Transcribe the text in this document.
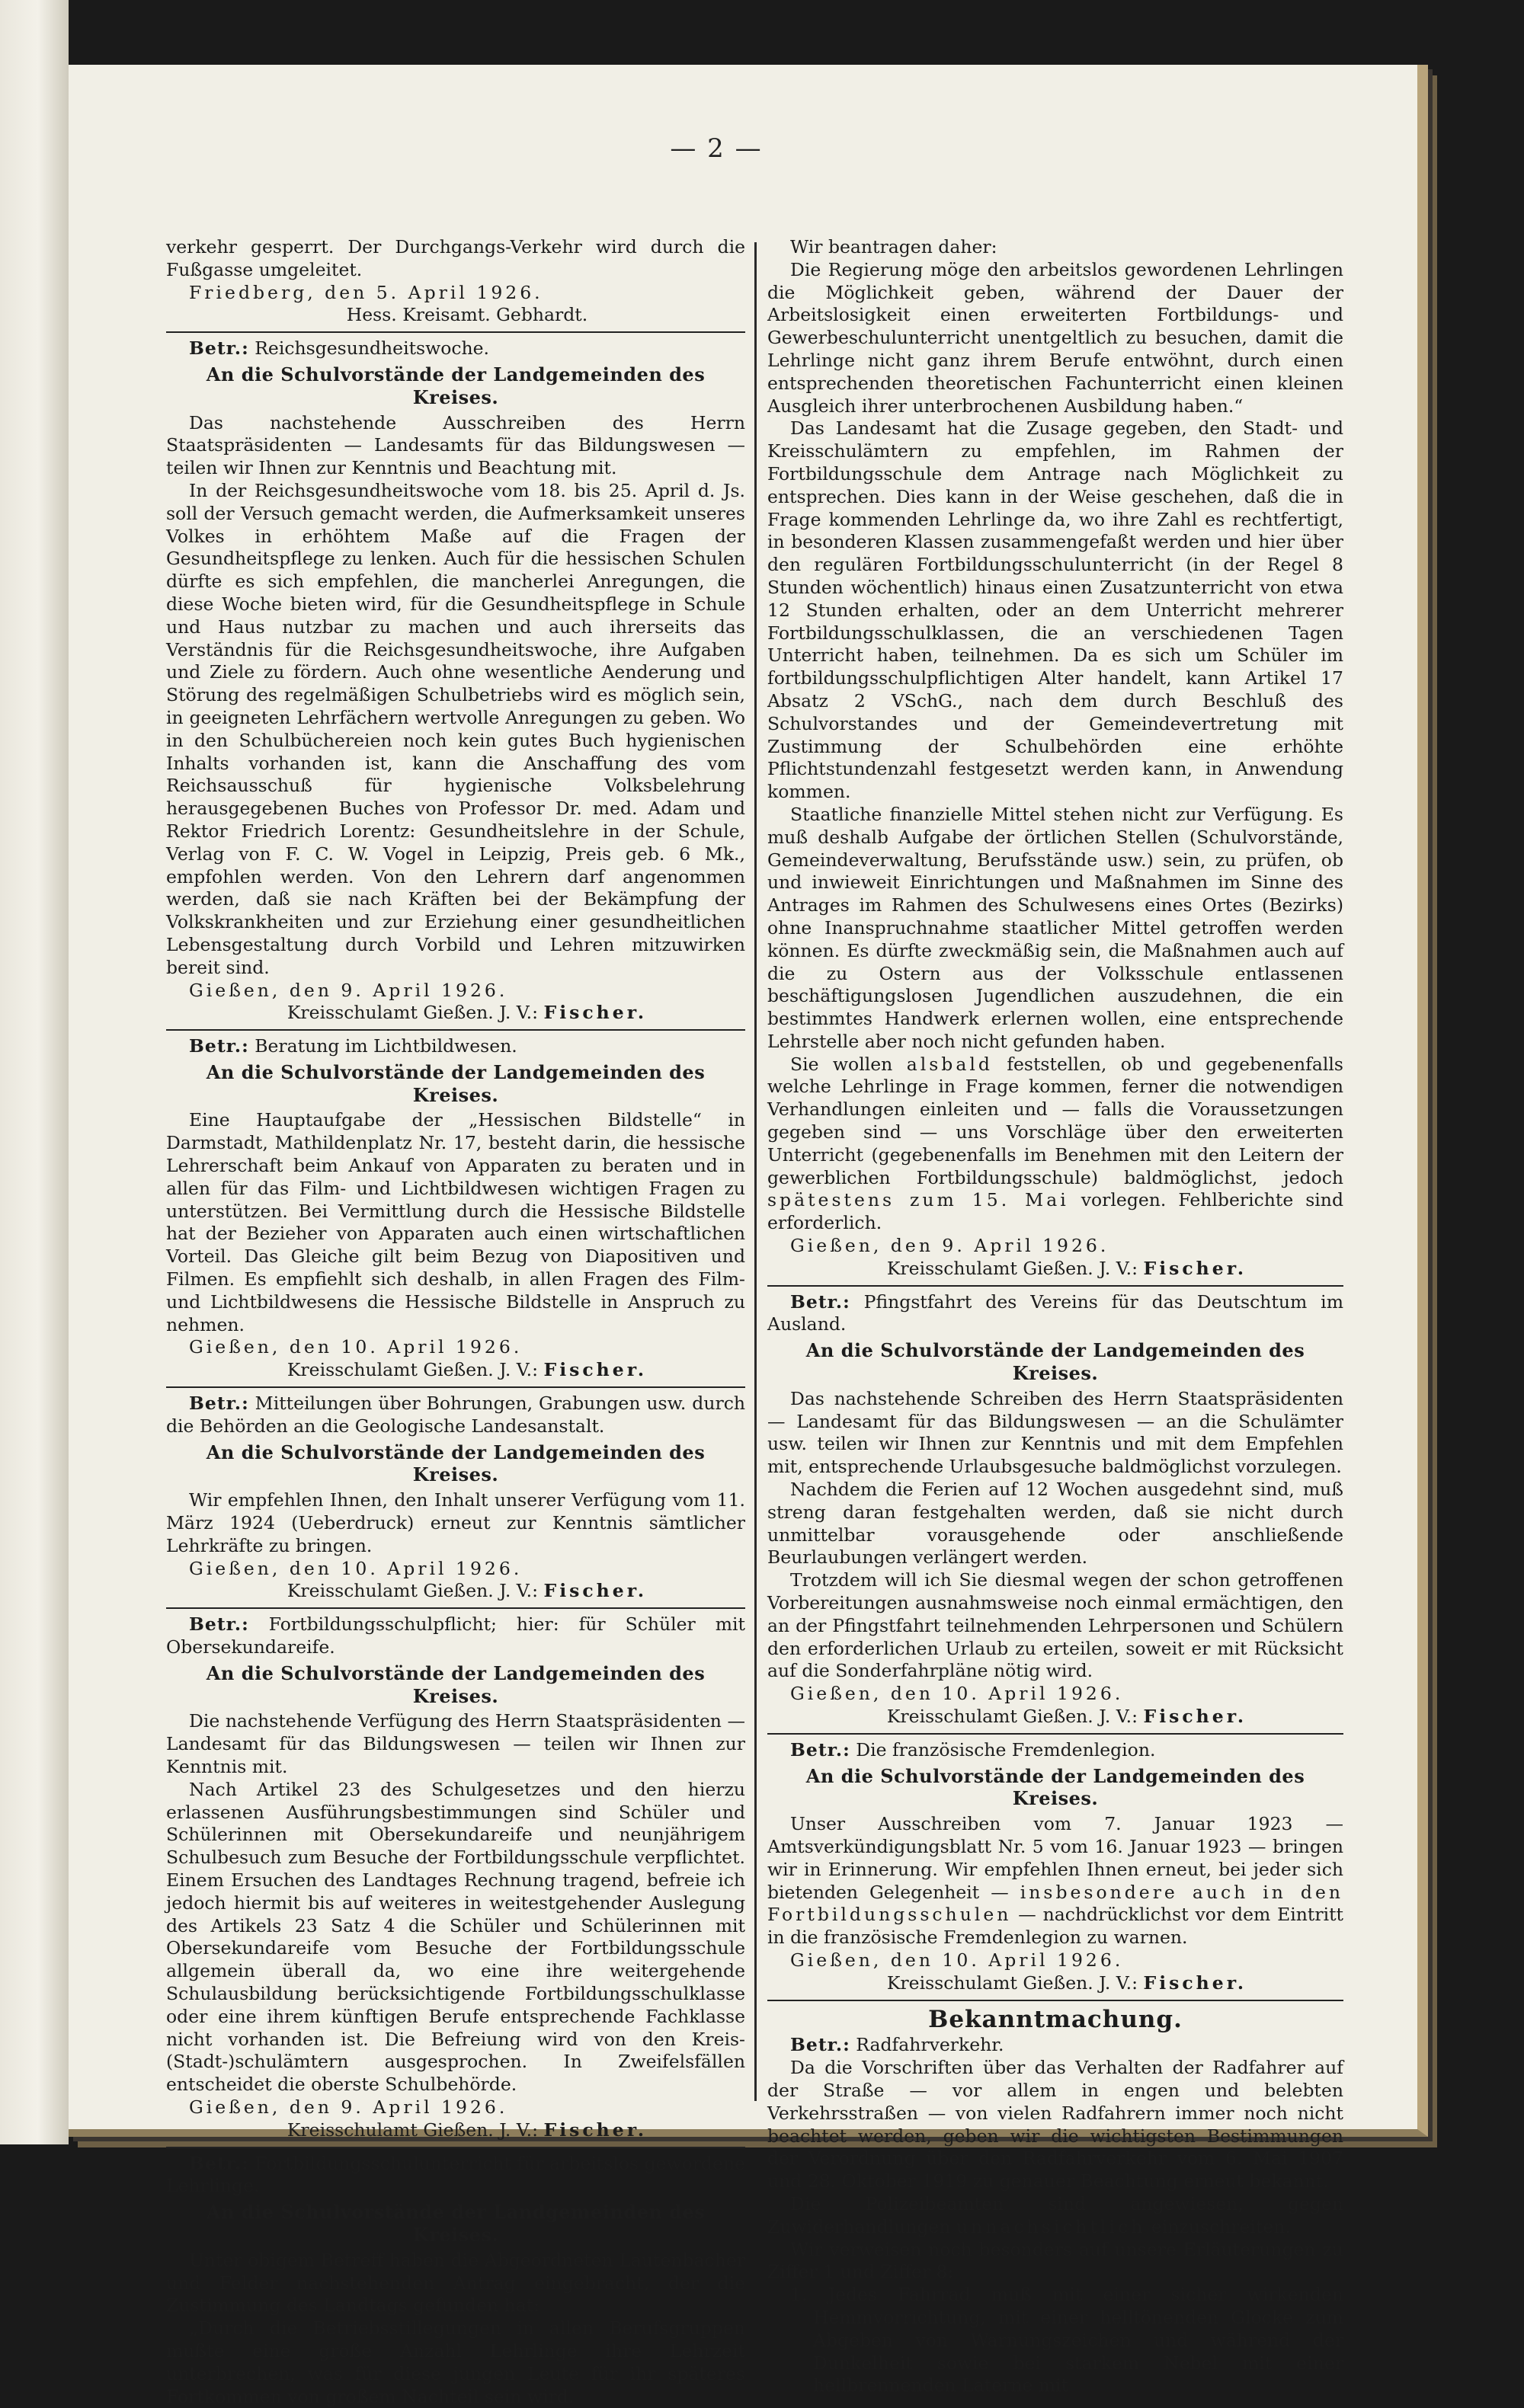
— 2 —

verkehr gesperrt. Der Durchgangs-Verkehr wird durch die Fußgasse umgeleitet.

Friedberg, den 5. April 1926.

Hess. Kreisamt. Gebhardt.

Betr.: Reichsgesundheitswoche.

An die Schulvorstände der Landgemeinden des Kreises.

Das nachstehende Ausschreiben des Herrn Staatspräsidenten — Landesamts für das Bildungswesen — teilen wir Ihnen zur Kenntnis und Beachtung mit.

In der Reichsgesundheitswoche vom 18. bis 25. April d. Js. soll der Versuch gemacht werden, die Aufmerksamkeit unseres Volkes in erhöhtem Maße auf die Fragen der Gesundheitspflege zu lenken. Auch für die hessischen Schulen dürfte es sich empfehlen, die mancherlei Anregungen, die diese Woche bieten wird, für die Gesundheitspflege in Schule und Haus nutzbar zu machen und auch ihrerseits das Verständnis für die Reichsgesundheitswoche, ihre Aufgaben und Ziele zu fördern. Auch ohne wesentliche Aenderung und Störung des regelmäßigen Schulbetriebs wird es möglich sein, in geeigneten Lehrfächern wertvolle Anregungen zu geben. Wo in den Schulbüchereien noch kein gutes Buch hygienischen Inhalts vorhanden ist, kann die Anschaffung des vom Reichsausschuß für hygienische Volksbelehrung herausgegebenen Buches von Professor Dr. med. Adam und Rektor Friedrich Lorentz: Gesundheitslehre in der Schule, Verlag von F. C. W. Vogel in Leipzig, Preis geb. 6 Mk., empfohlen werden. Von den Lehrern darf angenommen werden, daß sie nach Kräften bei der Bekämpfung der Volkskrankheiten und zur Erziehung einer gesundheitlichen Lebensgestaltung durch Vorbild und Lehren mitzuwirken bereit sind.

Gießen, den 9. April 1926.

Kreisschulamt Gießen. J. V.: Fischer.

Betr.: Beratung im Lichtbildwesen.

An die Schulvorstände der Landgemeinden des Kreises.

Eine Hauptaufgabe der „Hessischen Bildstelle“ in Darmstadt, Mathildenplatz Nr. 17, besteht darin, die hessische Lehrerschaft beim Ankauf von Apparaten zu beraten und in allen für das Film- und Lichtbildwesen wichtigen Fragen zu unterstützen. Bei Vermittlung durch die Hessische Bildstelle hat der Bezieher von Apparaten auch einen wirtschaftlichen Vorteil. Das Gleiche gilt beim Bezug von Diapositiven und Filmen. Es empfiehlt sich deshalb, in allen Fragen des Film- und Lichtbildwesens die Hessische Bildstelle in Anspruch zu nehmen.

Gießen, den 10. April 1926.

Kreisschulamt Gießen. J. V.: Fischer.

Betr.: Mitteilungen über Bohrungen, Grabungen usw. durch die Behörden an die Geologische Landesanstalt.

An die Schulvorstände der Landgemeinden des Kreises.

Wir empfehlen Ihnen, den Inhalt unserer Verfügung vom 11. März 1924 (Ueberdruck) erneut zur Kenntnis sämtlicher Lehrkräfte zu bringen.

Gießen, den 10. April 1926.

Kreisschulamt Gießen. J. V.: Fischer.

Betr.: Fortbildungsschulpflicht; hier: für Schüler mit Obersekundareife.

An die Schulvorstände der Landgemeinden des Kreises.

Die nachstehende Verfügung des Herrn Staatspräsidenten — Landesamt für das Bildungswesen — teilen wir Ihnen zur Kenntnis mit.

Nach Artikel 23 des Schulgesetzes und den hierzu erlassenen Ausführungsbestimmungen sind Schüler und Schülerinnen mit Obersekundareife und neunjährigem Schulbesuch zum Besuche der Fortbildungsschule verpflichtet. Einem Ersuchen des Landtages Rechnung tragend, befreie ich jedoch hiermit bis auf weiteres in weitestgehender Auslegung des Artikels 23 Satz 4 die Schüler und Schülerinnen mit Obersekundareife vom Besuche der Fortbildungsschule allgemein überall da, wo eine ihre weitergehende Schulausbildung berücksichtigende Fortbildungsschulklasse oder eine ihrem künftigen Berufe entsprechende Fachklasse nicht vorhanden ist. Die Befreiung wird von den Kreis-(Stadt-)schulämtern ausgesprochen. In Zweifelsfällen entscheidet die oberste Schulbehörde.

Gießen, den 9. April 1926.

Kreisschulamt Gießen. J. V.: Fischer.

Betr.: Fortbildungsschulunterricht für arbeitslos gewordene Lehrlinge.

An die Schulvorstände der Landgemeinden des Kreises.

Unter obigem Betreff haben die Abgeordneten Lautenbacher und Felder nachstehenden Antrag eingebracht, der die Zustimmung des Landtags gefunden hat:

„Durch die Betriebsstillegungen in allen Berufsgruppen mußte eine große Anzahl Lehrlinge ihre Lehrzeit unterbrechen, was für diese jungen Leute für ihr späteres Fortkommen von großem Nachteil sein wird.

Wir beantragen daher:

Die Regierung möge den arbeitslos gewordenen Lehrlingen die Möglichkeit geben, während der Dauer der Arbeitslosigkeit einen erweiterten Fortbildungs- und Gewerbeschulunterricht unentgeltlich zu besuchen, damit die Lehrlinge nicht ganz ihrem Berufe entwöhnt, durch einen entsprechenden theoretischen Fachunterricht einen kleinen Ausgleich ihrer unterbrochenen Ausbildung haben.“

Das Landesamt hat die Zusage gegeben, den Stadt- und Kreisschulämtern zu empfehlen, im Rahmen der Fortbildungsschule dem Antrage nach Möglichkeit zu entsprechen. Dies kann in der Weise geschehen, daß die in Frage kommenden Lehrlinge da, wo ihre Zahl es rechtfertigt, in besonderen Klassen zusammengefaßt werden und hier über den regulären Fortbildungsschulunterricht (in der Regel 8 Stunden wöchentlich) hinaus einen Zusatzunterricht von etwa 12 Stunden erhalten, oder an dem Unterricht mehrerer Fortbildungsschulklassen, die an verschiedenen Tagen Unterricht haben, teilnehmen. Da es sich um Schüler im fortbildungsschulpflichtigen Alter handelt, kann Artikel 17 Absatz 2 VSchG., nach dem durch Beschluß des Schulvorstandes und der Gemeindevertretung mit Zustimmung der Schulbehörden eine erhöhte Pflichtstundenzahl festgesetzt werden kann, in Anwendung kommen.

Staatliche finanzielle Mittel stehen nicht zur Verfügung. Es muß deshalb Aufgabe der örtlichen Stellen (Schulvorstände, Gemeindeverwaltung, Berufsstände usw.) sein, zu prüfen, ob und inwieweit Einrichtungen und Maßnahmen im Sinne des Antrages im Rahmen des Schulwesens eines Ortes (Bezirks) ohne Inanspruchnahme staatlicher Mittel getroffen werden können. Es dürfte zweckmäßig sein, die Maßnahmen auch auf die zu Ostern aus der Volksschule entlassenen beschäftigungslosen Jugendlichen auszudehnen, die ein bestimmtes Handwerk erlernen wollen, eine entsprechende Lehrstelle aber noch nicht gefunden haben.

Sie wollen alsbald feststellen, ob und gegebenenfalls welche Lehrlinge in Frage kommen, ferner die notwendigen Verhandlungen einleiten und — falls die Voraussetzungen gegeben sind — uns Vorschläge über den erweiterten Unterricht (gegebenenfalls im Benehmen mit den Leitern der gewerblichen Fortbildungsschule) baldmöglichst, jedoch spätestens zum 15. Mai vorlegen. Fehlberichte sind erforderlich.

Gießen, den 9. April 1926.

Kreisschulamt Gießen. J. V.: Fischer.

Betr.: Pfingstfahrt des Vereins für das Deutschtum im Ausland.

An die Schulvorstände der Landgemeinden des Kreises.

Das nachstehende Schreiben des Herrn Staatspräsidenten — Landesamt für das Bildungswesen — an die Schulämter usw. teilen wir Ihnen zur Kenntnis und mit dem Empfehlen mit, entsprechende Urlaubsgesuche baldmöglichst vorzulegen.

Nachdem die Ferien auf 12 Wochen ausgedehnt sind, muß streng daran festgehalten werden, daß sie nicht durch unmittelbar vorausgehende oder anschließende Beurlaubungen verlängert werden.

Trotzdem will ich Sie diesmal wegen der schon getroffenen Vorbereitungen ausnahmsweise noch einmal ermächtigen, den an der Pfingstfahrt teilnehmenden Lehrpersonen und Schülern den erforderlichen Urlaub zu erteilen, soweit er mit Rücksicht auf die Sonderfahrpläne nötig wird.

Gießen, den 10. April 1926.

Kreisschulamt Gießen. J. V.: Fischer.

Betr.: Die französische Fremdenlegion.

An die Schulvorstände der Landgemeinden des Kreises.

Unser Ausschreiben vom 7. Januar 1923 — Amtsverkündigungsblatt Nr. 5 vom 16. Januar 1923 — bringen wir in Erinnerung. Wir empfehlen Ihnen erneut, bei jeder sich bietenden Gelegenheit — insbesondere auch in den Fortbildungsschulen — nachdrücklichst vor dem Eintritt in die französische Fremdenlegion zu warnen.

Gießen, den 10. April 1926.

Kreisschulamt Gießen. J. V.: Fischer.

Bekanntmachung.

Betr.: Radfahrverkehr.

Da die Vorschriften über das Verhalten der Radfahrer auf der Straße — vor allem in engen und belebten Verkehrsstraßen — von vielen Radfahrern immer noch nicht beachtet werden, geben wir die wichtigsten Bestimmungen der Verordnung über den Radfahrverkehr vom 6. Mai 1907 und 28. Oktober 1919 zu genauer Beachtung erneut bekannt.

Die Polizeibeamten sind angewiesen, gegen Zuwiderhandlungen unnachsichtlich einzuschreiten.

Wir verweisen noch besonders auf unsere Erläuterungen zu Ziffer 1 und Ziffer 8:

1. Jedes Fahrrad muß mit einer sicher wirkenden Hemmvorrichtung, mit einer helltönenden Glocke zum Abgeben von Warnungszeichen und während der Dunkelheit sowie bei starkem Nebel mit einer hellbrennenden Laterne mit
